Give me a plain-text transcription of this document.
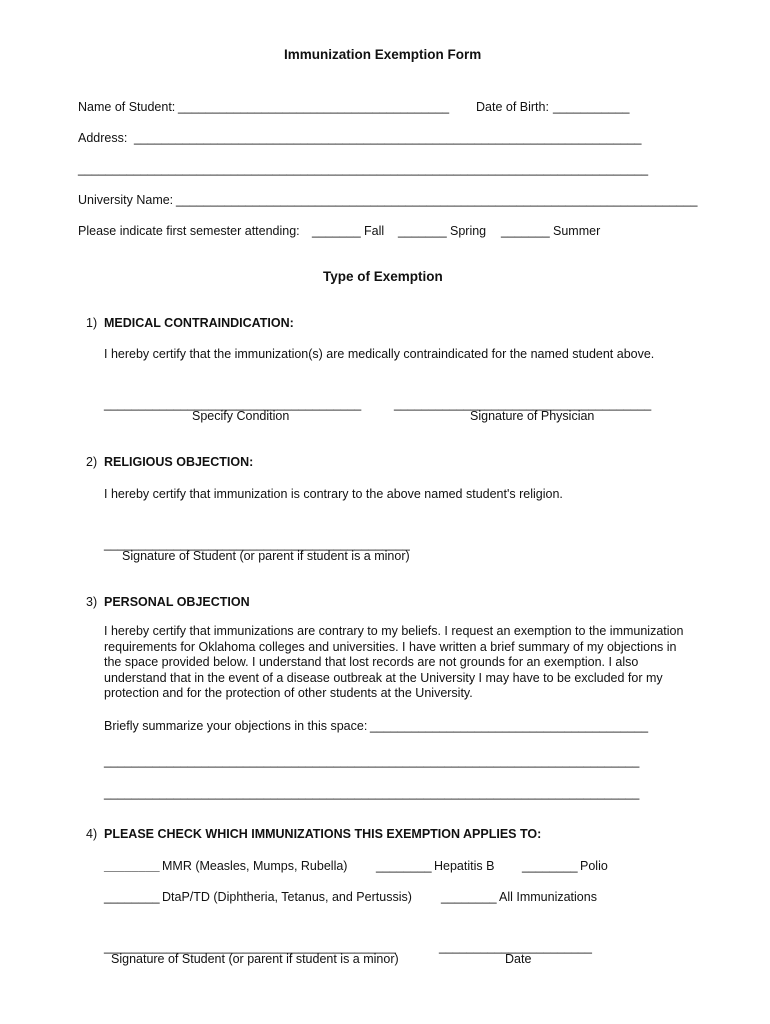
Immunization Exemption Form
Name of Student: _______________________________________ Date of Birth: ___________
Address: _________________________________________________________________________
__________________________________________________________________________________
University Name: ___________________________________________________________________________
Please indicate first semester attending: _______ Fall _______ Spring _______ Summer
Type of Exemption
1) MEDICAL CONTRAINDICATION:
I hereby certify that the immunization(s) are medically contraindicated for the named student above.
_____________________________________	_____________________________________
Specify Condition	Signature of Physician
2) RELIGIOUS OBJECTION:
I hereby certify that immunization is contrary to the above named student's religion.
____________________________________________
Signature of Student (or parent if student is a minor)
3) PERSONAL OBJECTION
I hereby certify that immunizations are contrary to my beliefs. I request an exemption to the immunization
requirements for Oklahoma colleges and universities. I have written a brief summary of my objections in
the space provided below. I understand that lost records are not grounds for an exemption. I also
understand that in the event of a disease outbreak at the University I may have to be excluded for my
protection and for the protection of other students at the University.
Briefly summarize your objections in this space: ________________________________________
_____________________________________________________________________________
_____________________________________________________________________________
4) PLEASE CHECK WHICH IMMUNIZATIONS THIS EXEMPTION APPLIES TO:
________ MMR (Measles, Mumps, Rubella) ________ Hepatitis B ________ Polio
________ DtaP/TD (Diphtheria, Tetanus, and Pertussis) ________ All Immunizations
__________________________________________	______________________
Signature of Student (or parent if student is a minor)	Date
